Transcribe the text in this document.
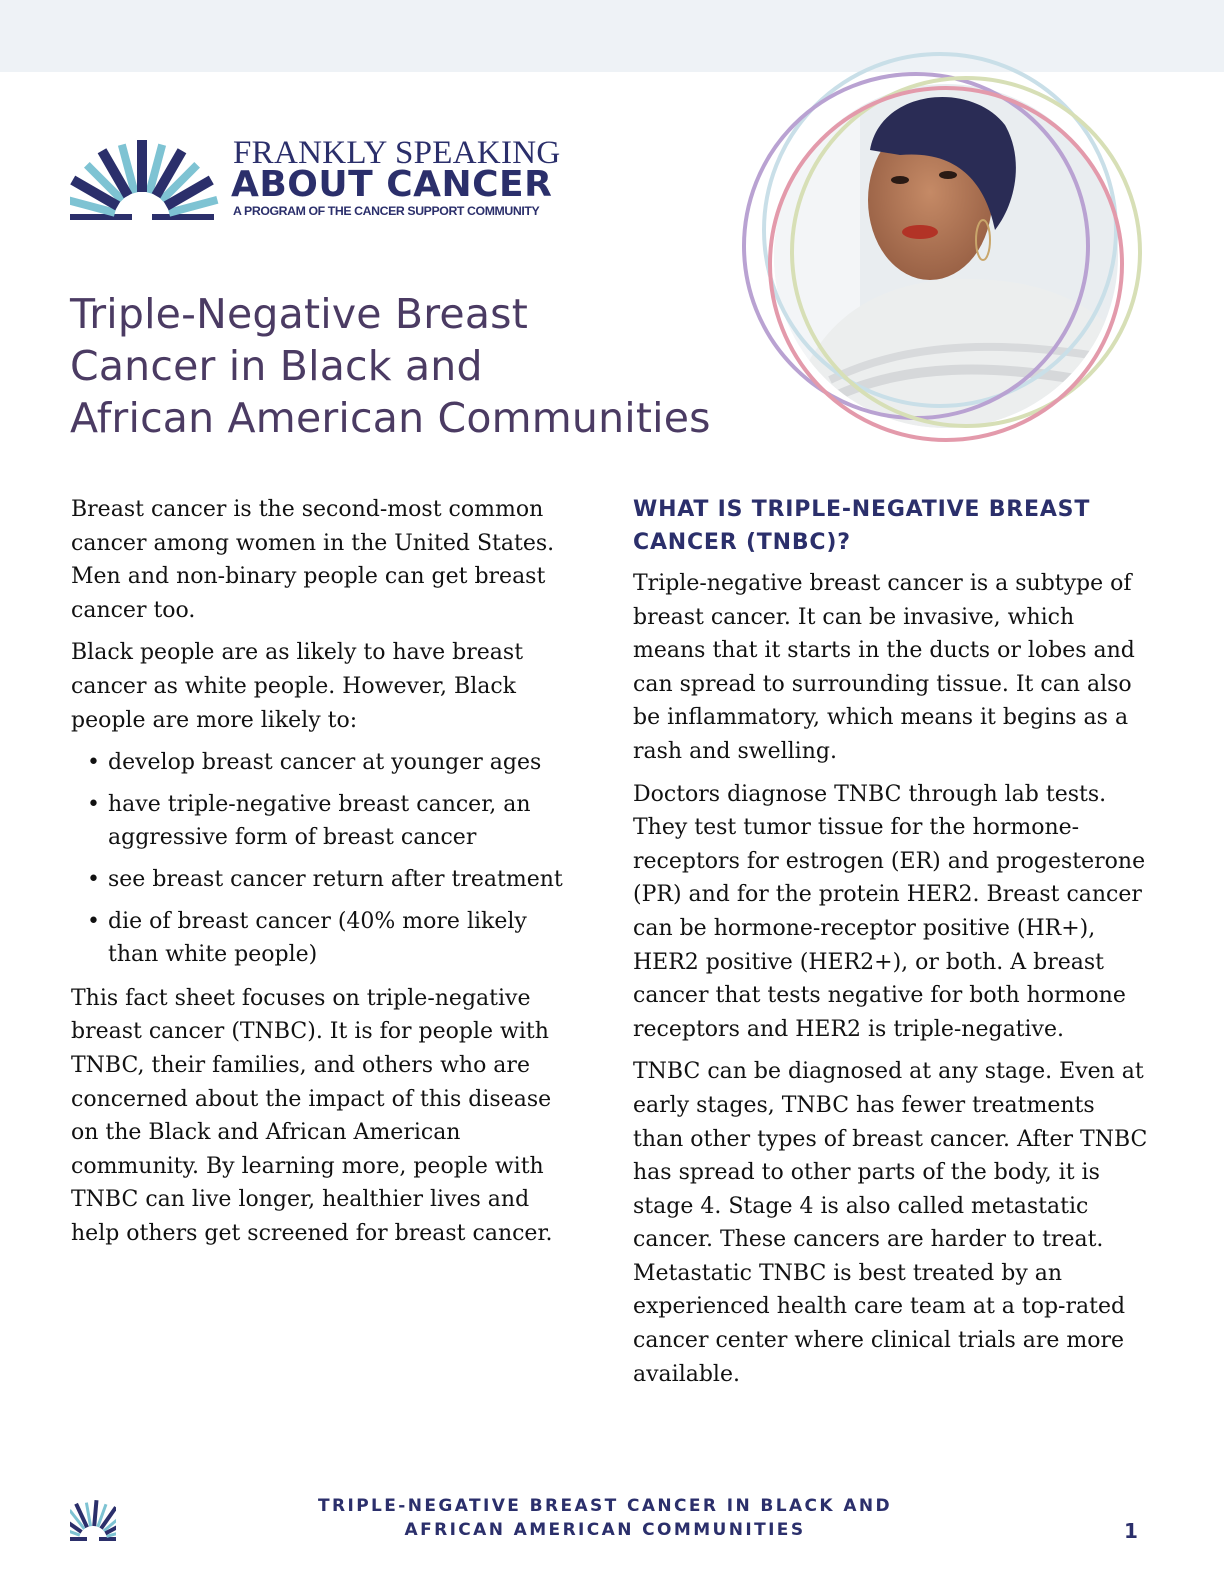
FRANKLY SPEAKING
ABOUT CANCER
A PROGRAM OF THE CANCER SUPPORT COMMUNITY
Triple-Negative Breast
Cancer in Black and
African American Communities

Breast cancer is the second-most common cancer among women in the United States. Men and non-binary people can get breast cancer too.

Black people are as likely to have breast cancer as white people. However, Black people are more likely to:

• develop breast cancer at younger ages
• have triple-negative breast cancer, an aggressive form of breast cancer
• see breast cancer return after treatment
• die of breast cancer (40% more likely than white people)

This fact sheet focuses on triple-negative breast cancer (TNBC). It is for people with TNBC, their families, and others who are concerned about the impact of this disease on the Black and African American community. By learning more, people with TNBC can live longer, healthier lives and help others get screened for breast cancer.

WHAT IS TRIPLE-NEGATIVE BREAST CANCER (TNBC)?

Triple-negative breast cancer is a subtype of breast cancer. It can be invasive, which means that it starts in the ducts or lobes and can spread to surrounding tissue. It can also be inflammatory, which means it begins as a rash and swelling.

Doctors diagnose TNBC through lab tests. They test tumor tissue for the hormone-receptors for estrogen (ER) and progesterone (PR) and for the protein HER2. Breast cancer can be hormone-receptor positive (HR+), HER2 positive (HER2+), or both. A breast cancer that tests negative for both hormone receptors and HER2 is triple-negative.

TNBC can be diagnosed at any stage. Even at early stages, TNBC has fewer treatments than other types of breast cancer. After TNBC has spread to other parts of the body, it is stage 4. Stage 4 is also called metastatic cancer. These cancers are harder to treat. Metastatic TNBC is best treated by an experienced health care team at a top-rated cancer center where clinical trials are more available.

TRIPLE-NEGATIVE BREAST CANCER IN BLACK AND
AFRICAN AMERICAN COMMUNITIES	1
